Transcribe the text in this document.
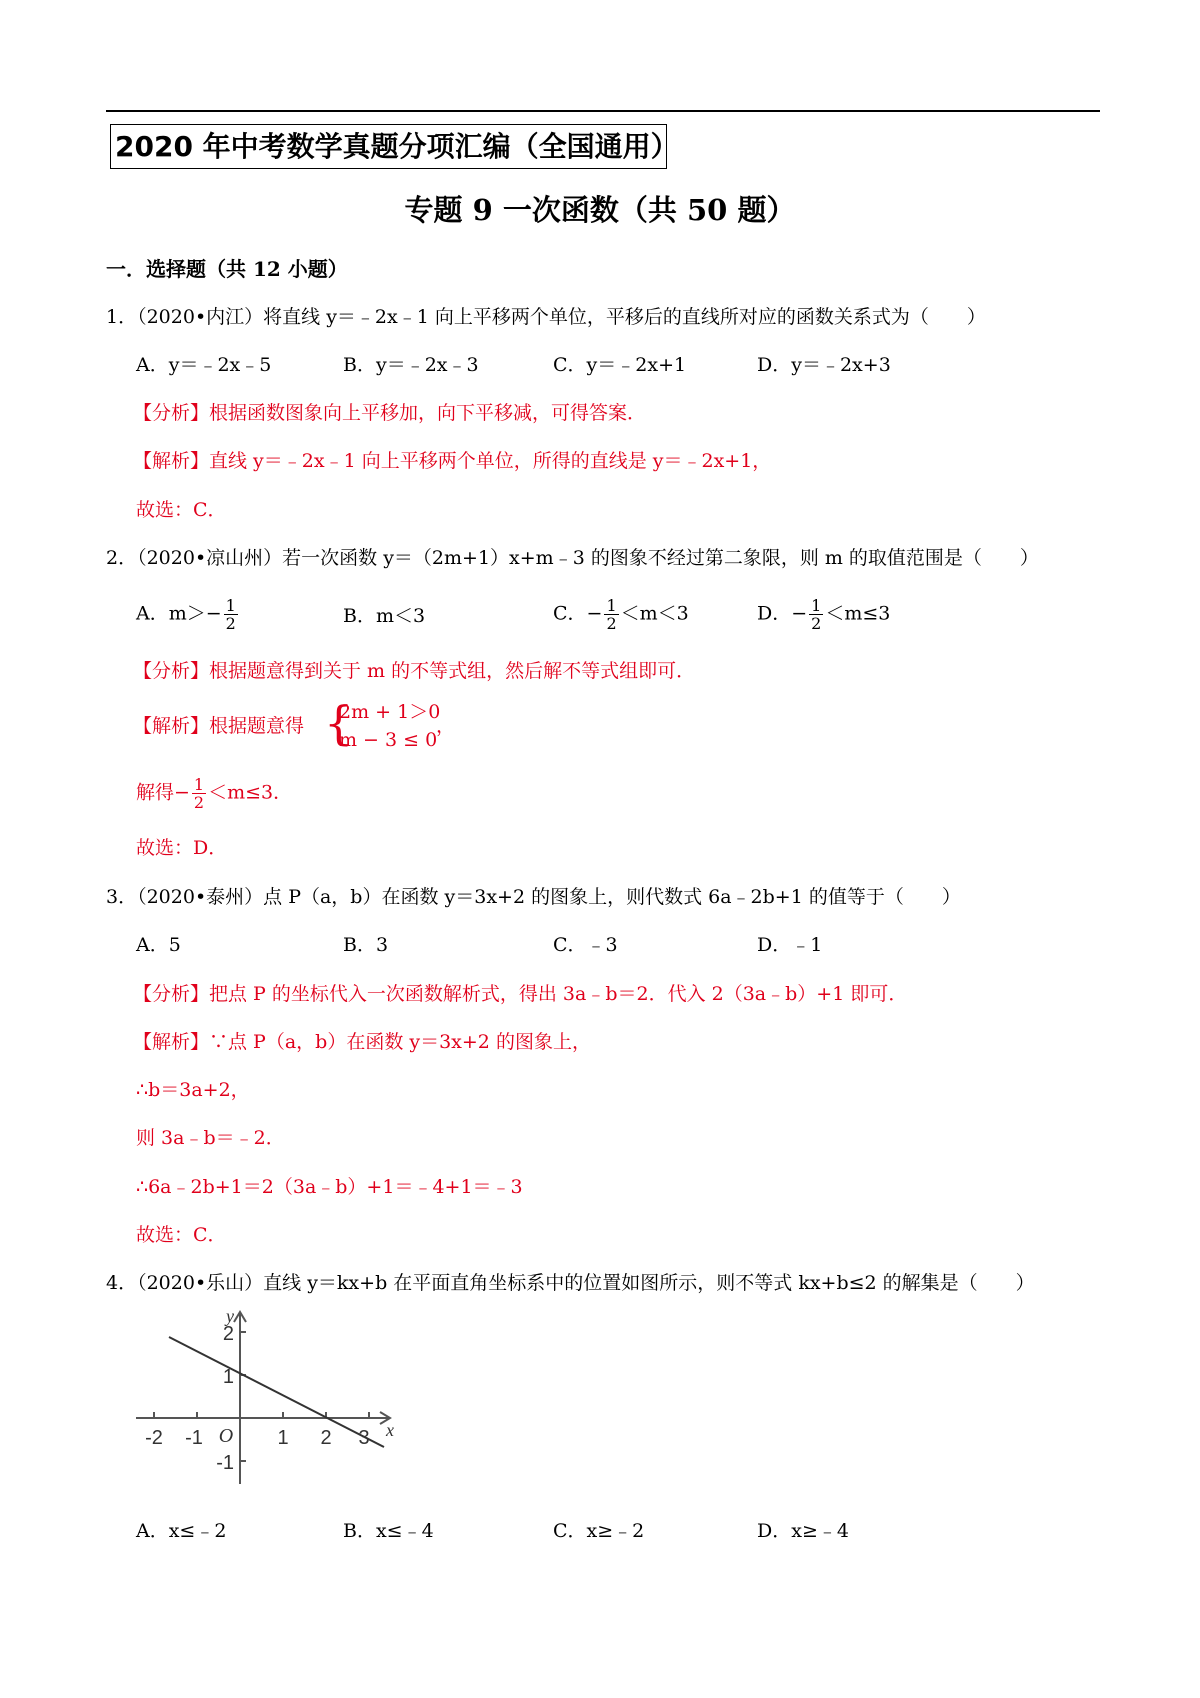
2020 年中考数学真题分项汇编（全国通用）
专题 9 一次函数（共 50 题）
一．选择题（共 12 小题）
1．（2020•内江）将直线 y＝﹣2x﹣1 向上平移两个单位，平移后的直线所对应的函数关系式为（　　）
A．y＝﹣2x﹣5	B．y＝﹣2x﹣3	C．y＝﹣2x+1	D．y＝﹣2x+3
【分析】根据函数图象向上平移加，向下平移减，可得答案．
【解析】直线 y＝﹣2x﹣1 向上平移两个单位，所得的直线是 y＝﹣2x+1，
故选：C．
2．（2020•凉山州）若一次函数 y＝（2m+1）x+m﹣3 的图象不经过第二象限，则 m 的取值范围是（　　）
A．$m>- \frac{1}{2}$	B．m＜3	C．− $\frac{1}{2} <m<3$	D．− $\frac{1}{2} <m\le 3$
【分析】根据题意得到关于 m 的不等式组，然后解不等式组即可．
【解析】根据题意得 {
2m + 1＞0
m − 3 ≤ 0
，
解得− $\frac{1}{2} <m\le 3$．
故选：D．
3．（2020•泰州）点 P（a，b）在函数 y＝3x+2 的图象上，则代数式 6a﹣2b+1 的值等于（　　）
A．5	B．3	C．﹣3	D．﹣1
【分析】把点 P 的坐标代入一次函数解析式，得出 3a﹣b＝2．代入 2（3a﹣b）+1 即可．
【解析】∵点 P（a，b）在函数 y＝3x+2 的图象上，
∴b＝3a+2，
则 3a﹣b＝﹣2．
∴6a﹣2b+1＝2（3a﹣b）+1＝﹣4+1＝﹣3
故选：C．
4．（2020•乐山）直线 y＝kx+b 在平面直角坐标系中的位置如图所示，则不等式 kx+b≤2 的解集是（　　）
-2 -1	1 2 3
2
1
-1
O	x
y
A．x≤﹣2	B．x≤﹣4	C．x≥﹣2	D．x≥﹣4
